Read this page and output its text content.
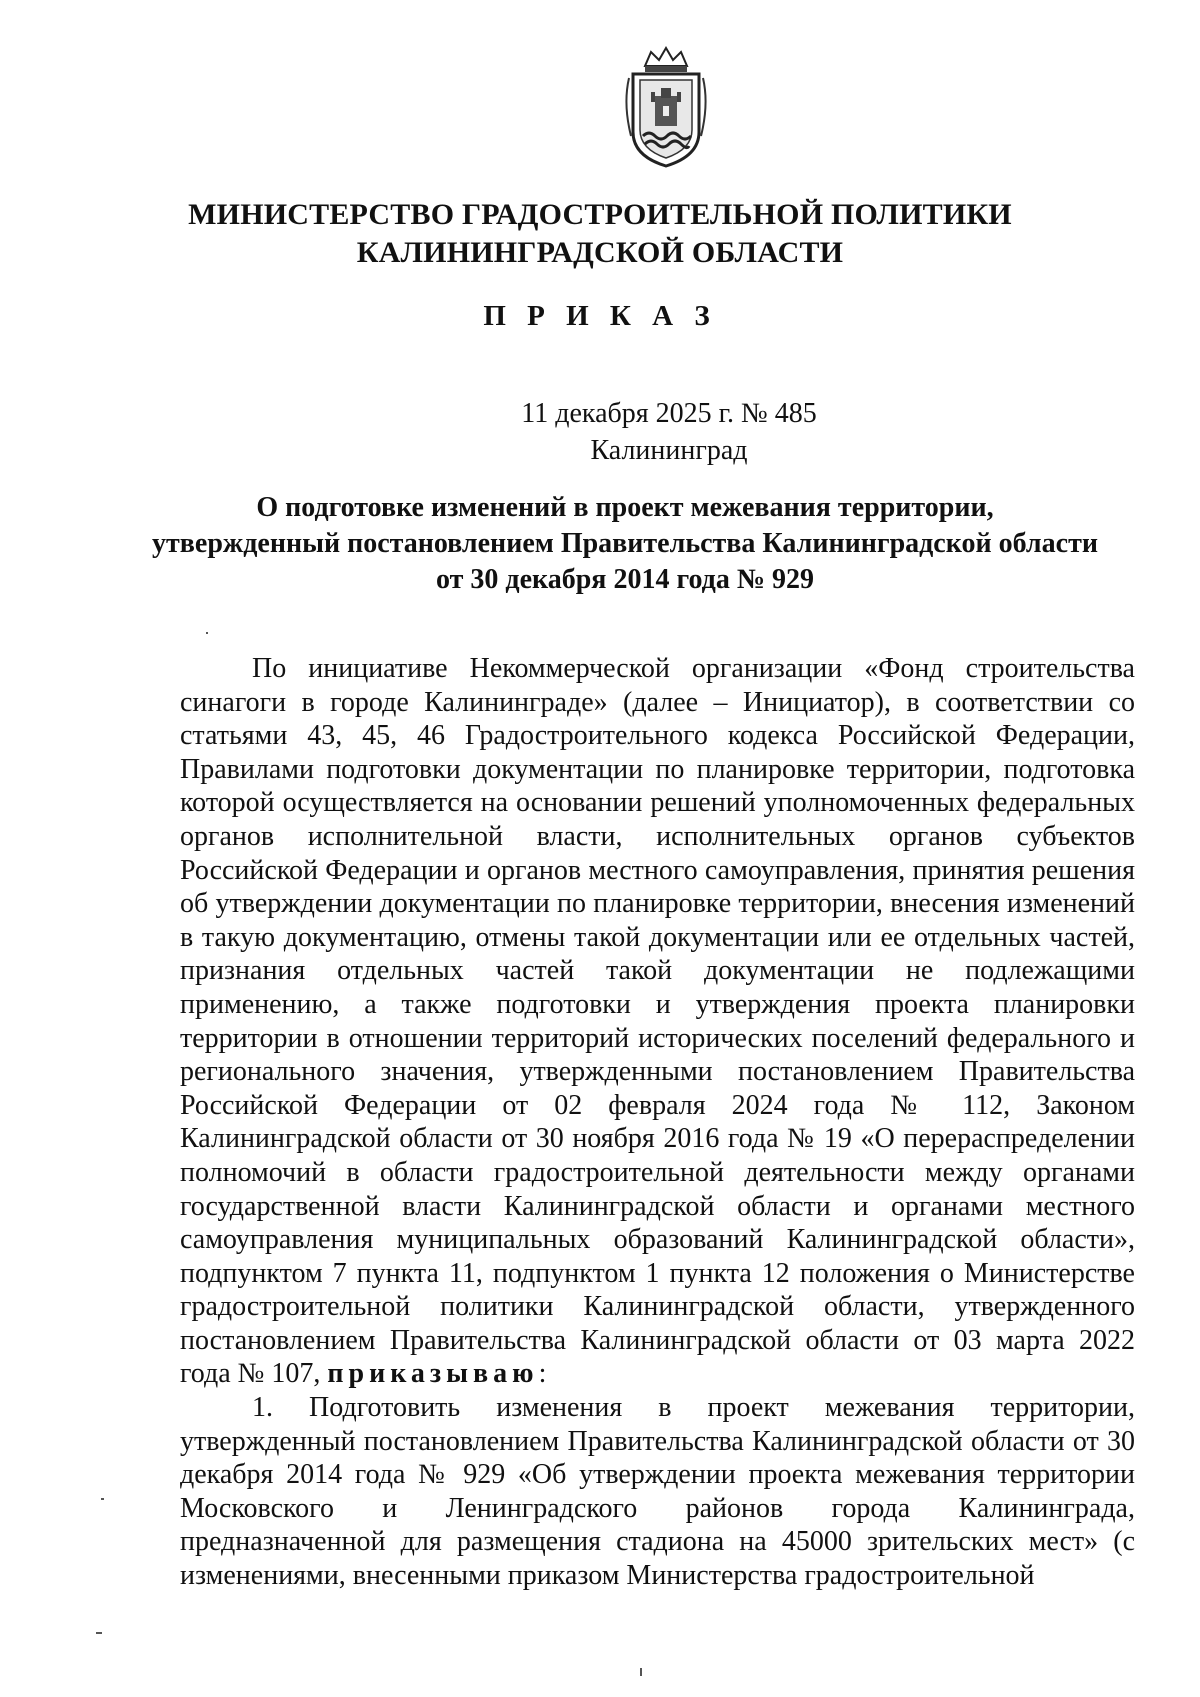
МИНИСТЕРСТВО ГРАДОСТРОИТЕЛЬНОЙ ПОЛИТИКИ
КАЛИНИНГРАДСКОЙ ОБЛАСТИ
П Р И К А З
11 декабря 2025 г. № 485
Калининград
О подготовке изменений в проект межевания территории,
утвержденный постановлением Правительства Калининградской области
от 30 декабря 2014 года № 929

По инициативе Некоммерческой организации «Фонд строительства синагоги в городе Калининграде» (далее – Инициатор), в соответствии со статьями 43, 45, 46 Градостроительного кодекса Российской Федерации, Правилами подготовки документации по планировке территории, подготовка которой осуществляется на основании решений уполномоченных федеральных органов исполнительной власти, исполнительных органов субъектов Российской Федерации и органов местного самоуправления, принятия решения об утверждении документации по планировке территории, внесения изменений в такую документацию, отмены такой документации или ее отдельных частей, признания отдельных частей такой документации не подлежащими применению, а также подготовки и утверждения проекта планировки территории в отношении территорий исторических поселений федерального и регионального значения, утвержденными постановлением Правительства Российской Федерации от 02 февраля 2024 года № 112, Законом Калининградской области от 30 ноября 2016 года № 19 «О перераспределении полномочий в области градостроительной деятельности между органами государственной власти Калининградской области и органами местного самоуправления муниципальных образований Калининградской области», подпунктом 7 пункта 11, подпунктом 1 пункта 12 положения о Министерстве градостроительной политики Калининградской области, утвержденного постановлением Правительства Калининградской области от 03 марта 2022 года № 107, приказываю:

1. Подготовить изменения в проект межевания территории, утвержденный постановлением Правительства Калининградской области от 30 декабря 2014 года № 929 «Об утверждении проекта межевания территории Московского и Ленинградского районов города Калининграда, предназначенной для размещения стадиона на 45000 зрительских мест» (с изменениями, внесенными приказом Министерства градостроительной
